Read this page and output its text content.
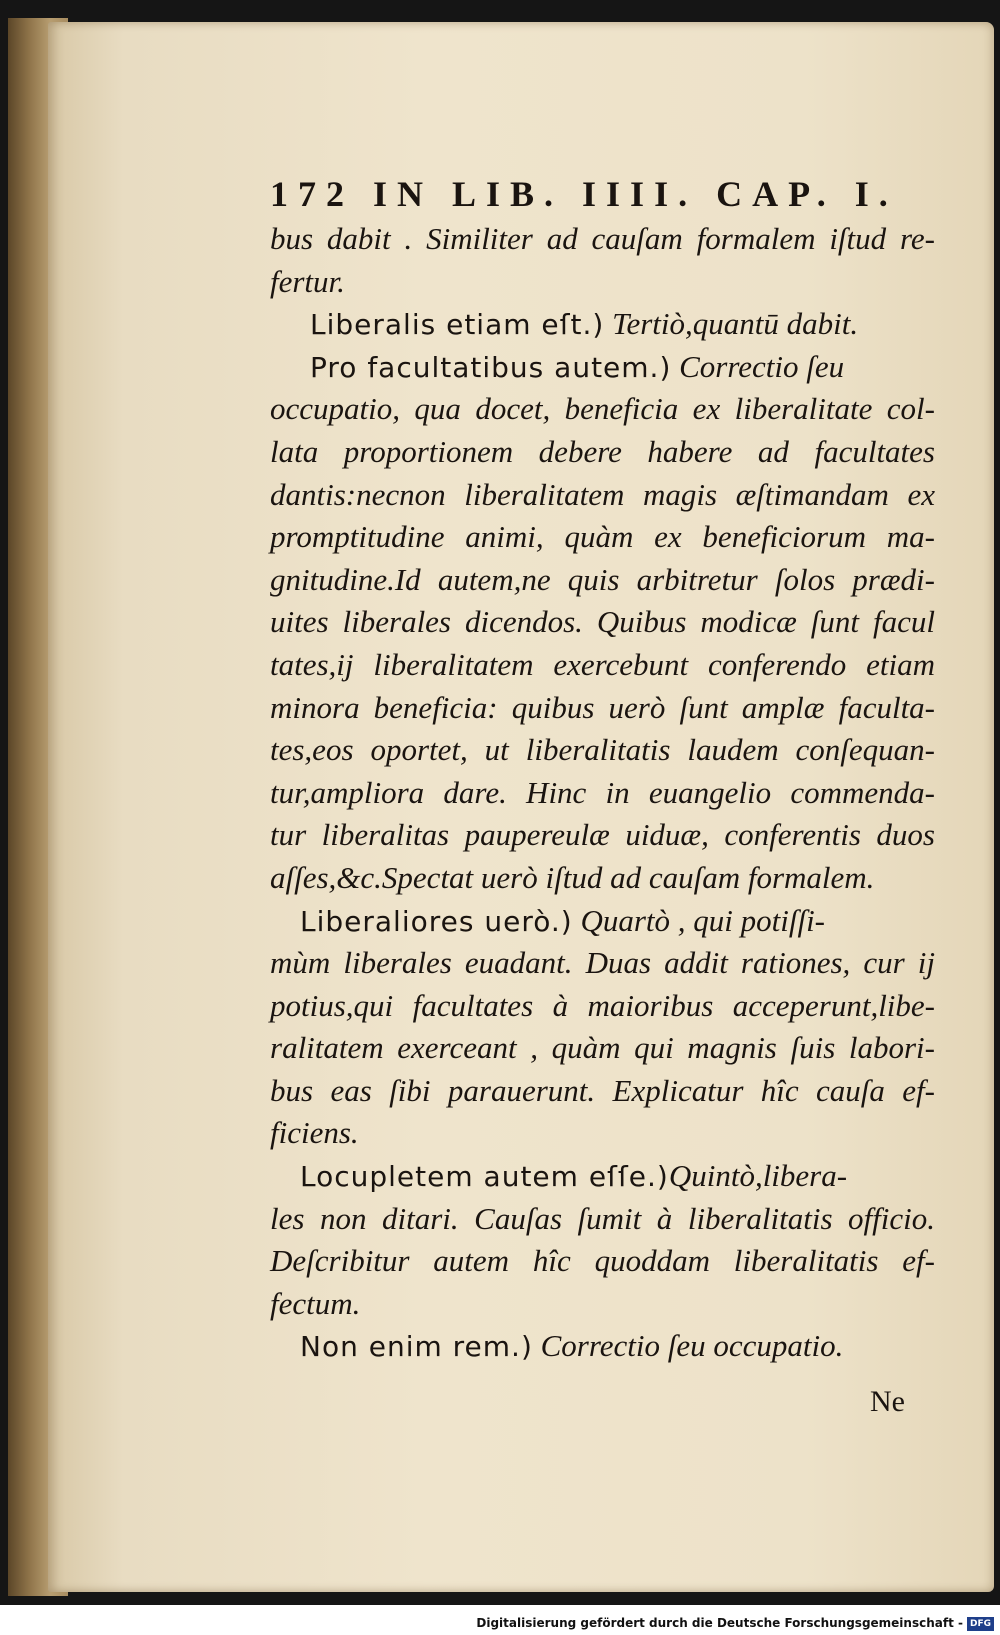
172 IN LIB. IIII. CAP. I.
bus dabit . Similiter ad cauſam formalem iſtud re-
fertur.
Liberalis etiam eſt.) Tertiò,quantū dabit.
Pro facultatibus autem.) Correctio ſeu
occupatio, qua docet, beneficia ex liberalitate col-
lata proportionem debere habere ad facultates
dantis:necnon liberalitatem magis æſtimandam ex
promptitudine animi, quàm ex beneficiorum ma-
gnitudine.Id autem,ne quis arbitretur ſolos prædi-
uites liberales dicendos. Quibus modicæ ſunt facul
tates,ij liberalitatem exercebunt conferendo etiam
minora beneficia: quibus uerò ſunt amplæ faculta-
tes,eos oportet, ut liberalitatis laudem conſequan-
tur,ampliora dare. Hinc in euangelio commenda-
tur liberalitas paupereulæ uiduæ, conferentis duos
aſſes,&c.Spectat uerò iſtud ad cauſam formalem.
Liberaliores uerò.) Quartò , qui potiſſi-
mùm liberales euadant. Duas addit rationes, cur ij
potius,qui facultates à maioribus acceperunt,libe-
ralitatem exerceant , quàm qui magnis ſuis labori-
bus eas ſibi parauerunt. Explicatur hîc cauſa ef-
ficiens.
Locupletem autem eſſe.)Quintò,libera-
les non ditari. Cauſas ſumit à liberalitatis officio.
Deſcribitur autem hîc quoddam liberalitatis ef-
fectum.
Non enim rem.) Correctio ſeu occupatio.
Ne
Digitalisierung gefördert durch die Deutsche Forschungsgemeinschaft - DFG
